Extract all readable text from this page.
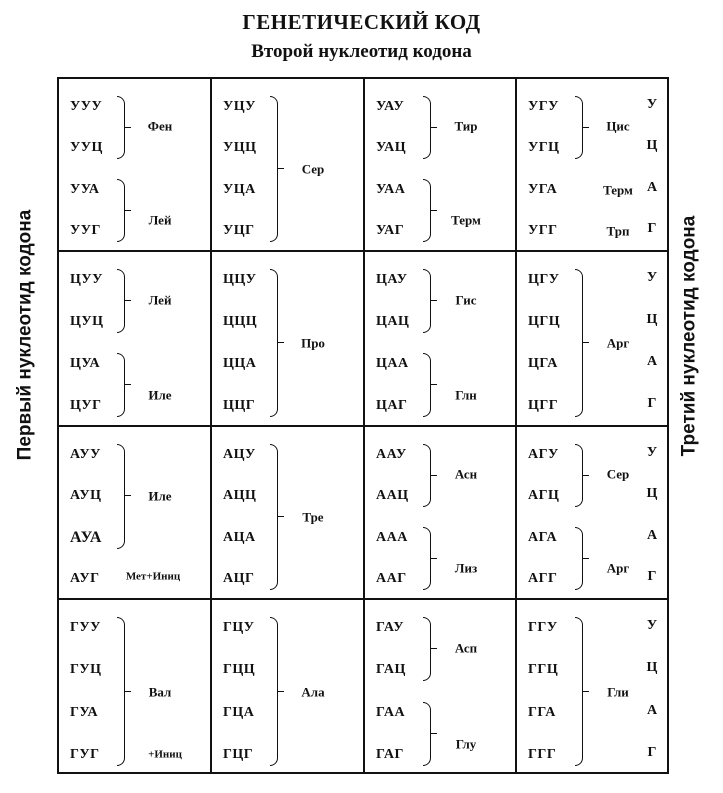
ГЕНЕТИЧЕСКИЙ КОД
Второй нуклеотид кодона
Первый нуклеотид кодона	Третий нуклеотид кодона
УУУ
УУЦ
УУА
УУГ
Фен
Лей
УЦУ
УЦЦ
УЦА
УЦГ
Сер
УАУ
УАЦ
УАА
УАГ
Тир
Терм
УГУ
УГЦ
УГА
УГГ
Цис
Терм
Трп
ЦУУ
ЦУЦ
ЦУА
ЦУГ
Лей
Иле
ЦЦУ
ЦЦЦ
ЦЦА
ЦЦГ
Про
ЦАУ
ЦАЦ
ЦАА
ЦАГ
Гис
Глн
ЦГУ
ЦГЦ
ЦГА
ЦГГ
Арг
АУУ
АУЦ
АУА
АУГ
Иле
Мет+Иниц
АЦУ
АЦЦ
АЦА
АЦГ
Тре
ААУ
ААЦ
ААА
ААГ
Асн
Лиз
АГУ
АГЦ
АГА
АГГ
Сер
Арг
ГУУ
ГУЦ
ГУА
ГУГ
Вал
+Иниц
ГЦУ
ГЦЦ
ГЦА
ГЦГ
Ала
ГАУ
ГАЦ
ГАА
ГАГ
Асп
Глу
ГГУ
ГГЦ
ГГА
ГГГ
Гли
У
Ц
А
Г
У
Ц
А
Г
У
Ц
А
Г
У
Ц
А
Г
